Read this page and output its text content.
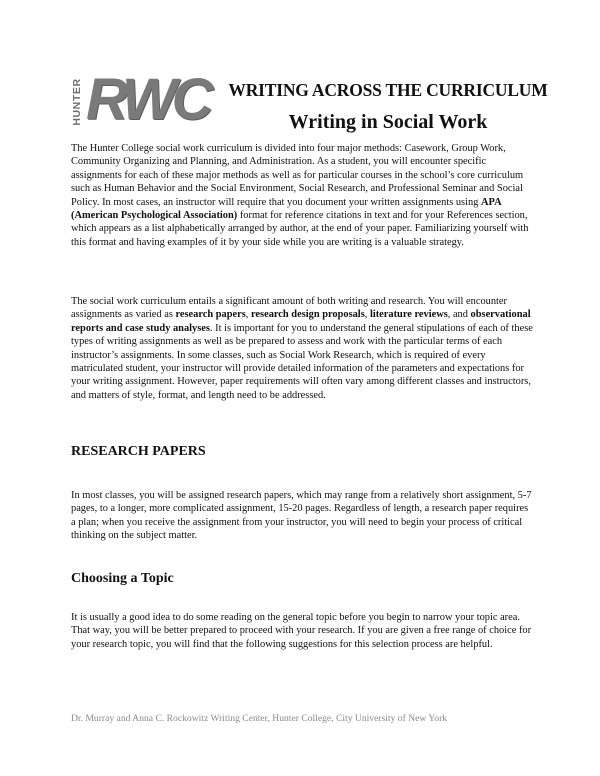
HUNTER RWC	WRITING ACROSS THE CURRICULUM
Writing in Social Work

The Hunter College social work curriculum is divided into four major methods: Casework, Group Work, Community Organizing and Planning, and Administration. As a student, you will encounter specific assignments for each of these major methods as well as for particular courses in the school’s core curriculum such as Human Behavior and the Social Environment, Social Research, and Professional Seminar and Social Policy. In most cases, an instructor will require that you document your written assignments using APA (American Psychological Association) format for reference citations in text and for your References section, which appears as a list alphabetically arranged by author, at the end of your paper. Familiarizing yourself with this format and having examples of it by your side while you are writing is a valuable strategy.

The social work curriculum entails a significant amount of both writing and research. You will encounter assignments as varied as research papers, research design proposals, literature reviews, and observational reports and case study analyses. It is important for you to understand the general stipulations of each of these types of writing assignments as well as be prepared to assess and work with the particular terms of each instructor’s assignments. In some classes, such as Social Work Research, which is required of every matriculated student, your instructor will provide detailed information of the parameters and expectations for your writing assignment. However, paper requirements will often vary among different classes and instructors, and matters of style, format, and length need to be addressed.

RESEARCH PAPERS

In most classes, you will be assigned research papers, which may range from a relatively short assignment, 5-7 pages, to a longer, more complicated assignment, 15-20 pages. Regardless of length, a research paper requires a plan; when you receive the assignment from your instructor, you will need to begin your process of critical thinking on the subject matter.

Choosing a Topic

It is usually a good idea to do some reading on the general topic before you begin to narrow your topic area. That way, you will be better prepared to proceed with your research. If you are given a free range of choice for your research topic, you will find that the following suggestions for this selection process are helpful.

Dr. Murray and Anna C. Rockowitz Writing Center, Hunter College, City University of New York
